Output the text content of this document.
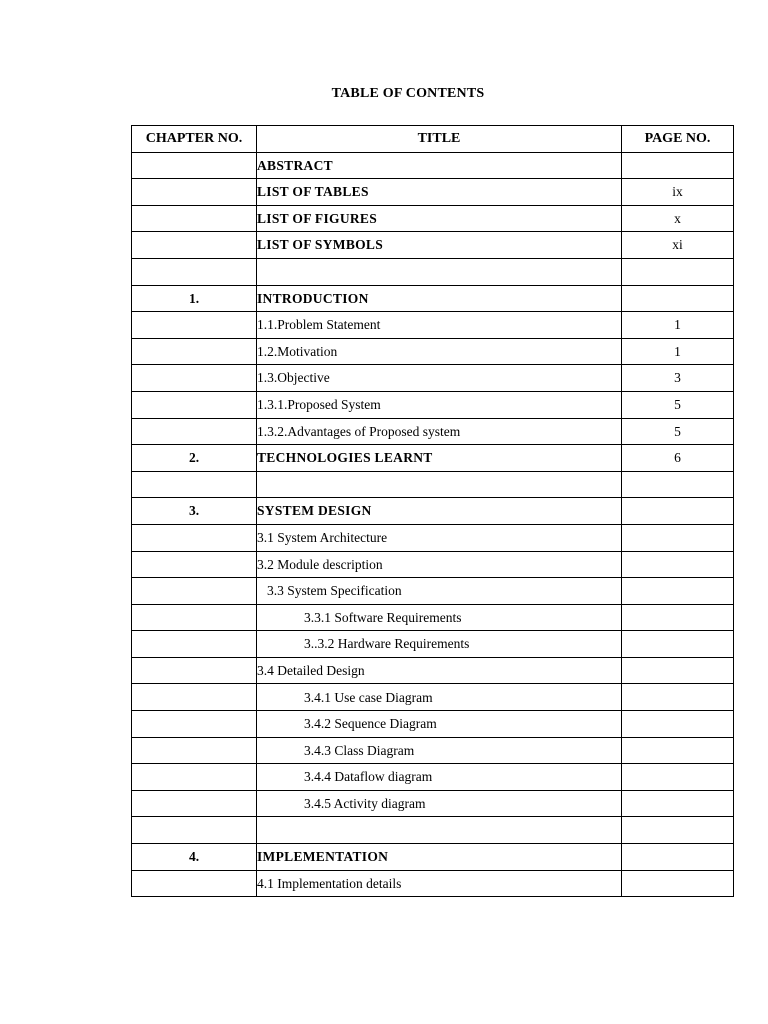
TABLE OF CONTENTS
CHAPTER NO.	TITLE	PAGE NO.
	ABSTRACT	
	LIST OF TABLES	ix
	LIST OF FIGURES	x
	LIST OF SYMBOLS	xi

1.	INTRODUCTION	
	1.1.Problem Statement	1
	1.2.Motivation	1
	1.3.Objective	3
	1.3.1.Proposed System	5
	1.3.2.Advantages of Proposed system	5
2.	TECHNOLOGIES LEARNT	6

3.	SYSTEM DESIGN	
	3.1 System Architecture	
	3.2 Module description	
	3.3 System Specification	
	3.3.1 Software Requirements	
	3..3.2 Hardware Requirements	
	3.4 Detailed Design	
	3.4.1 Use case Diagram	
	3.4.2 Sequence Diagram	
	3.4.3 Class Diagram	
	3.4.4 Dataflow diagram	
	3.4.5 Activity diagram	

4.	IMPLEMENTATION	
	4.1 Implementation details	
